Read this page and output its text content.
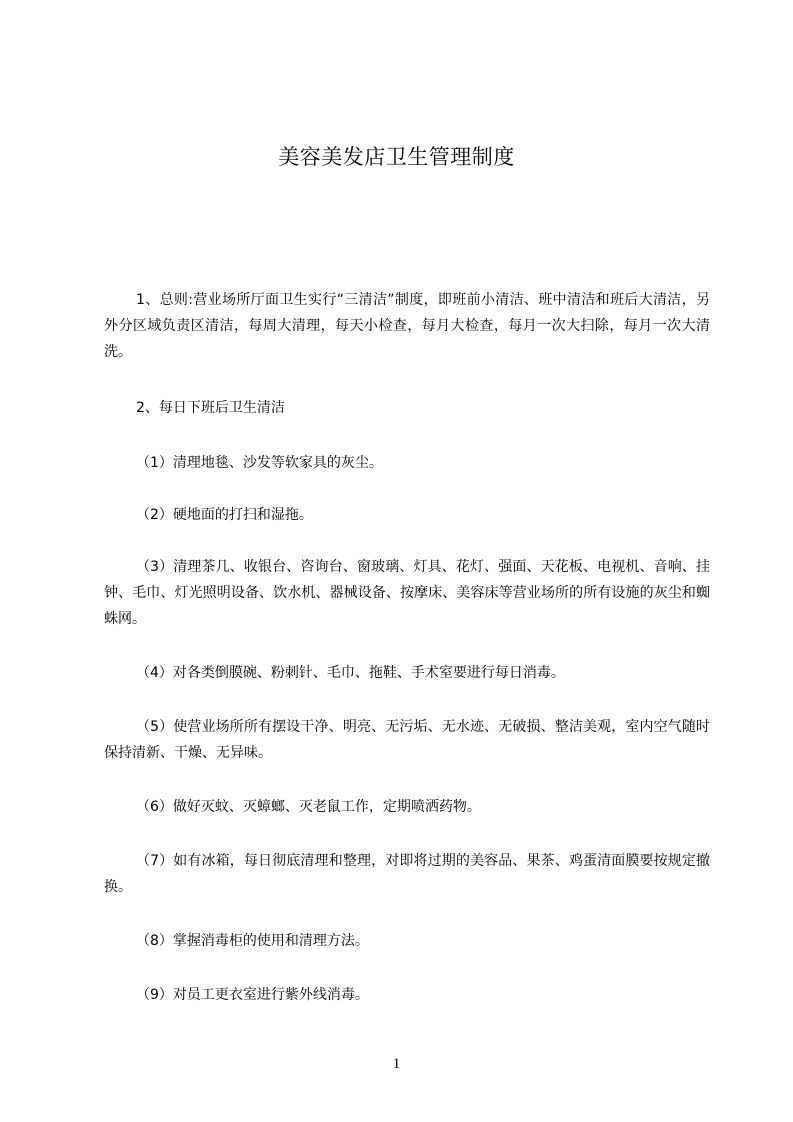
美容美发店卫生管理制度

1、总则:营业场所厅面卫生实行“三清洁”制度，即班前小清洁、班中清洁和班后大清洁，另外分区域负责区清洁，每周大清理，每天小检查，每月大检查，每月一次大扫除，每月一次大清洗。

2、每日下班后卫生清洁

（1）清理地毯、沙发等软家具的灰尘。

（2）硬地面的打扫和湿拖。

（3）清理茶几、收银台、咨询台、窗玻璃、灯具、花灯、强面、天花板、电视机、音响、挂钟、毛巾、灯光照明设备、饮水机、器械设备、按摩床、美容床等营业场所的所有设施的灰尘和蜘蛛网。

（4）对各类倒膜碗、粉刺针、毛巾、拖鞋、手术室要进行每日消毒。

（5）使营业场所所有摆设干净、明亮、无污垢、无水迹、无破损、整洁美观，室内空气随时保持清新、干燥、无异味。

（6）做好灭蚊、灭蟑螂、灭老鼠工作，定期喷洒药物。

（7）如有冰箱，每日彻底清理和整理，对即将过期的美容品、果茶、鸡蛋清面膜要按规定撤换。

（8）掌握消毒柜的使用和清理方法。

（9）对员工更衣室进行紫外线消毒。

1
